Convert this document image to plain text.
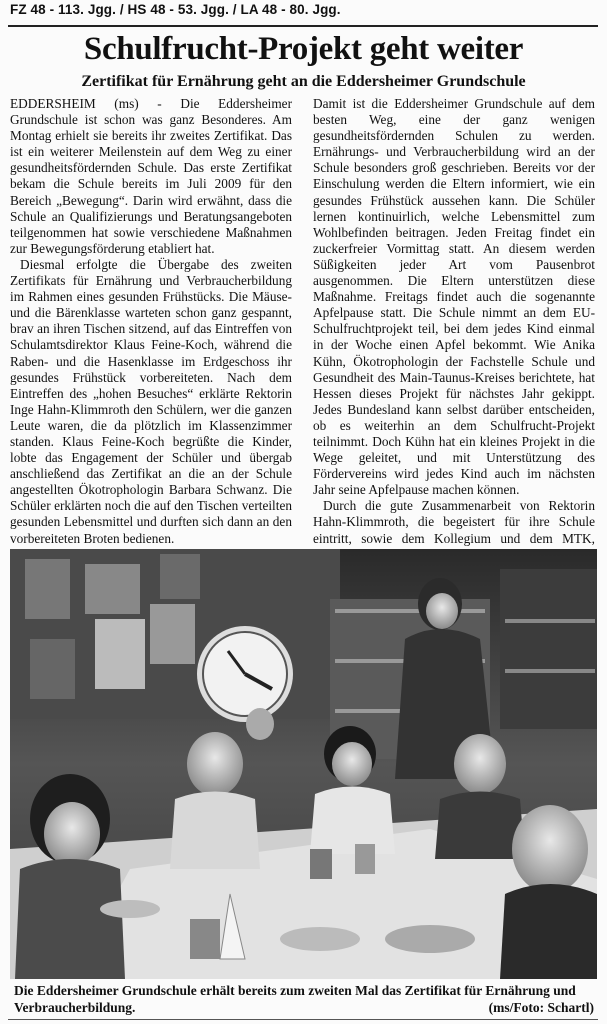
FZ 48 - 113. Jgg. / HS 48 - 53. Jgg. / LA 48 - 80. Jgg.
Schulfrucht-Projekt geht weiter
Zertifikat für Ernährung geht an die Eddersheimer Grundschule

EDDERSHEIM (ms) - Die Eddersheimer Grundschule ist schon was ganz Besonderes. Am Montag erhielt sie bereits ihr zweites Zertifikat. Das ist ein weiterer Meilenstein auf dem Weg zu einer gesundheitsfördernden Schule. Das erste Zertifikat bekam die Schule bereits im Juli 2009 für den Bereich „Bewegung“. Darin wird erwähnt, dass die Schule an Qualifizierungs und Beratungsangeboten teilgenommen hat sowie verschiedene Maßnahmen zur Bewegungsförderung etabliert hat.

Diesmal erfolgte die Übergabe des zweiten Zertifikats für Ernährung und Verbraucherbildung im Rahmen eines gesunden Frühstücks. Die Mäuse- und die Bärenklasse warteten schon ganz gespannt, brav an ihren Tischen sitzend, auf das Eintreffen von Schulamtsdirektor Klaus Feine-Koch, während die Raben- und die Hasenklasse im Erdgeschoss ihr gesundes Frühstück vorbereiteten. Nach dem Eintreffen des „hohen Besuches“ erklärte Rektorin Inge Hahn-Klimmroth den Schülern, wer die ganzen Leute waren, die da plötzlich im Klassenzimmer standen. Klaus Feine-Koch begrüßte die Kinder, lobte das Engagement der Schüler und übergab anschließend das Zertifikat an die an der Schule angestellten Ökotrophologin Barbara Schwanz. Die Schüler erklärten noch die auf den Tischen verteilten gesunden Lebensmittel und durften sich dann an den vorbereiteten Broten bedienen.

Damit ist die Eddersheimer Grundschule auf dem besten Weg, eine der ganz wenigen gesundheitsfördernden Schulen zu werden. Ernährungs- und Verbraucherbildung wird an der Schule besonders groß geschrieben. Bereits vor der Einschulung werden die Eltern informiert, wie ein gesundes Frühstück aussehen kann. Die Schüler lernen kontinuirlich, welche Lebensmittel zum Wohlbefinden beitragen. Jeden Freitag findet ein zuckerfreier Vormittag statt. An diesem werden Süßigkeiten jeder Art vom Pausenbrot ausgenommen. Die Eltern unterstützen diese Maßnahme. Freitags findet auch die sogenannte Apfelpause statt. Die Schule nimmt an dem EU-Schulfruchtprojekt teil, bei dem jedes Kind einmal in der Woche einen Apfel bekommt. Wie Anika Kühn, Ökotrophologin der Fachstelle Schule und Gesundheit des Main-Taunus-Kreises berichtete, hat Hessen dieses Projekt für nächstes Jahr gekippt. Jedes Bundesland kann selbst darüber entscheiden, ob es weiterhin an dem Schulfrucht-Projekt teilnimmt. Doch Kühn hat ein kleines Projekt in die Wege geleitet, und mit Unterstützung des Fördervereins wird jedes Kind auch im nächsten Jahr seine Apfelpause machen können.

Durch die gute Zusammenarbeit von Rektorin Hahn-Klimmroth, die begeistert für ihre Schule eintritt, sowie dem Kollegium und dem MTK,

Die Eddersheimer Grundschule erhält bereits zum zweiten Mal das Zertifikat für Ernährung und Verbraucherbildung.	(ms/Foto: Schartl)
